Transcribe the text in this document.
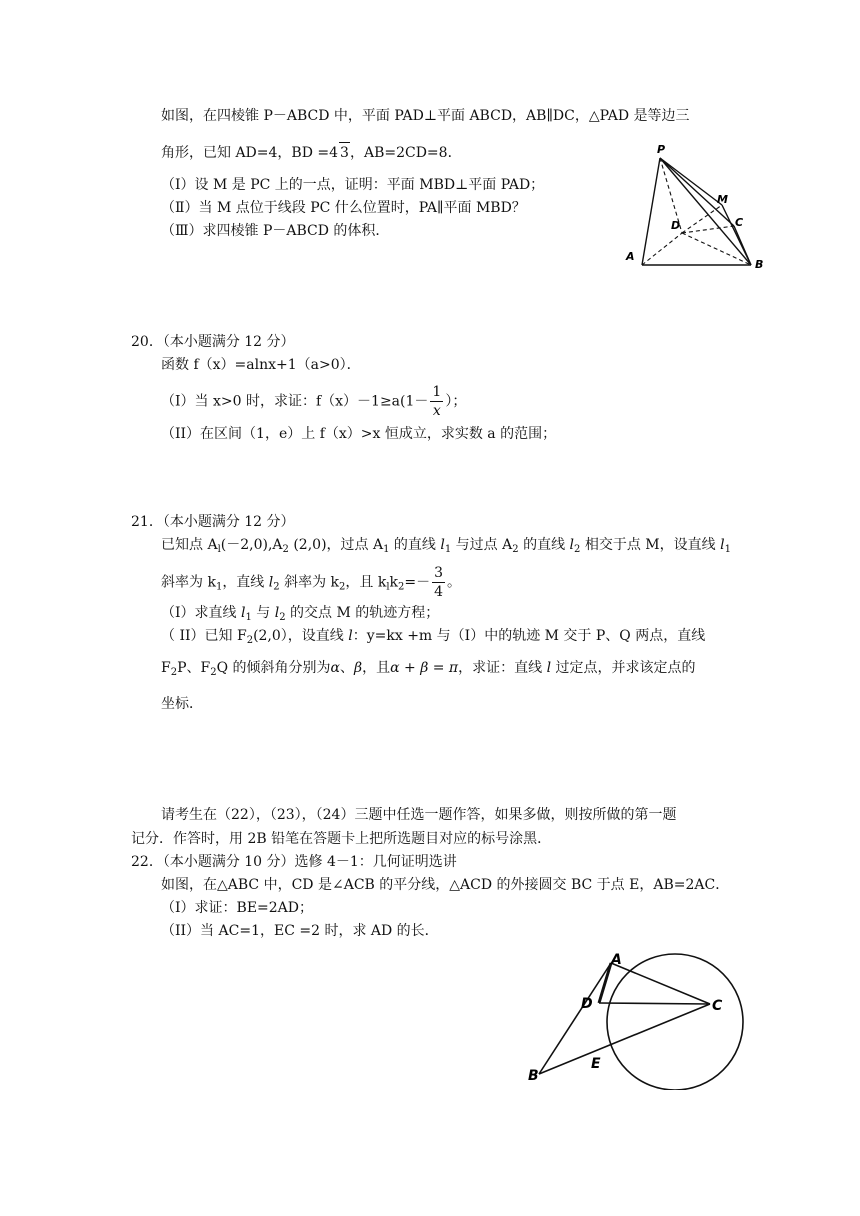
如图，在四棱锥 P－ABCD 中，平面 PAD⊥平面 ABCD，AB∥DC，△PAD 是等边三
角形，已知 AD=4，BD =4 3，AB=2CD=8．
（Ⅰ）设 M 是 PC 上的一点，证明：平面 MBD⊥平面 PAD；
（Ⅱ）当 M 点位于线段 PC 什么位置时，PA∥平面 MBD？
（Ⅲ）求四棱锥 P－ABCD 的体积．
P
M
C
D
A
B
20．（本小题满分 12 分）
函数 f（x）=alnx+1（a>0）．
（Ⅰ）当 x>0 时，求证：$f(x)-1\ge a(1- \frac{1}{x}$ ）；
（II）在区间（1，e）上 f（x）>x 恒成立，求实数 a 的范围；
21．（本小题满分 12 分）
已知点 $A_l(-2,0),A_2$ (2,0)，过点 $A_1$ 的直线 $l_1$ 与过点 $A_2$ 的直线 $l_2$ 相交于点 M，设直线 $l_1$
斜率为 $k_1$，直线 $l_2$ 斜率为 $k_2$，且 $k_lk_2=- \frac{3}{4}$ 。
（Ⅰ）求直线 $l_1$ 与 $l_2$ 的交点 M 的轨迹方程；
（ II）已知 $F_2(2,0)$，设直线 l：y=kx +m 与（I）中的轨迹 M 交于 P、Q 两点，直线
$F_2P$、$F_2Q$ 的倾斜角分别为α、β，且α + β = π，求证：直线 l 过定点，并求该定点的
坐标．
请考生在（22），（23），（24）三题中任选一题作答，如果多做，则按所做的第一题
记分．作答时，用 2B 铅笔在答题卡上把所选题目对应的标号涂黑．
22．（本小题满分 10 分）选修 4－1：几何证明选讲
如图，在△ABC 中，CD 是∠ACB 的平分线，△ACD 的外接圆交 BC 于点 E，AB=2AC．
（Ⅰ）求证：BE=2AD；
（II）当 AC=1，EC =2 时，求 AD 的长．
A
D	C
B
E
